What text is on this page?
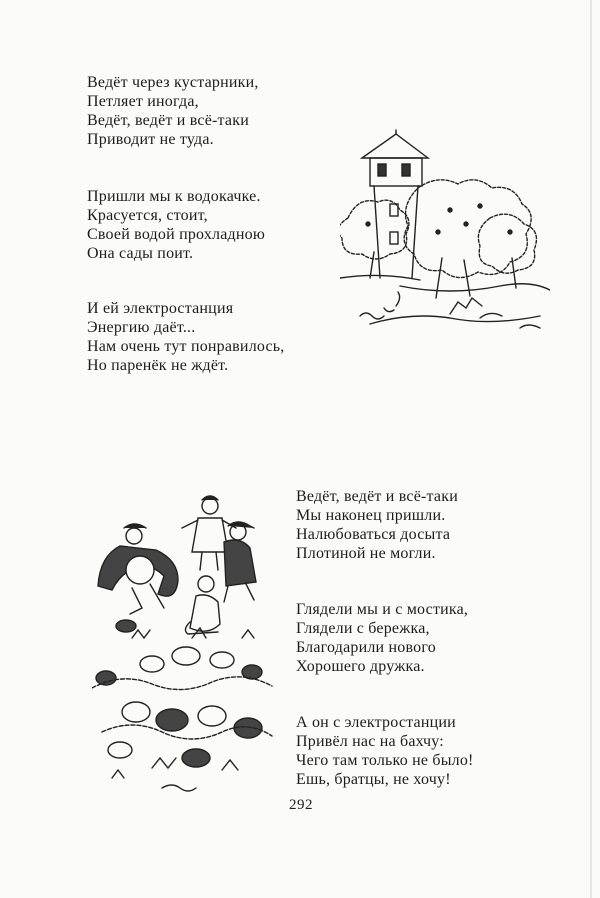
Ведёт через кустарники,
Петляет иногда,
Ведёт, ведёт и всё-таки
Приводит не туда.
Пришли мы к водокачке.
Красуется, стоит,
Своей водой прохладною
Она сады поит.
И ей электростанция
Энергию даёт...
Нам очень тут понравилось,
Но паренёк не ждёт.
Ведёт, ведёт и всё-таки
Мы наконец пришли.
Налюбоваться досыта
Плотиной не могли.
Глядели мы и с мостика,
Глядели с бережка,
Благодарили нового
Хорошего дружка.
А он с электростанции
Привёл нас на бахчу:
Чего там только не было!
Ешь, братцы, не хочу!
292
